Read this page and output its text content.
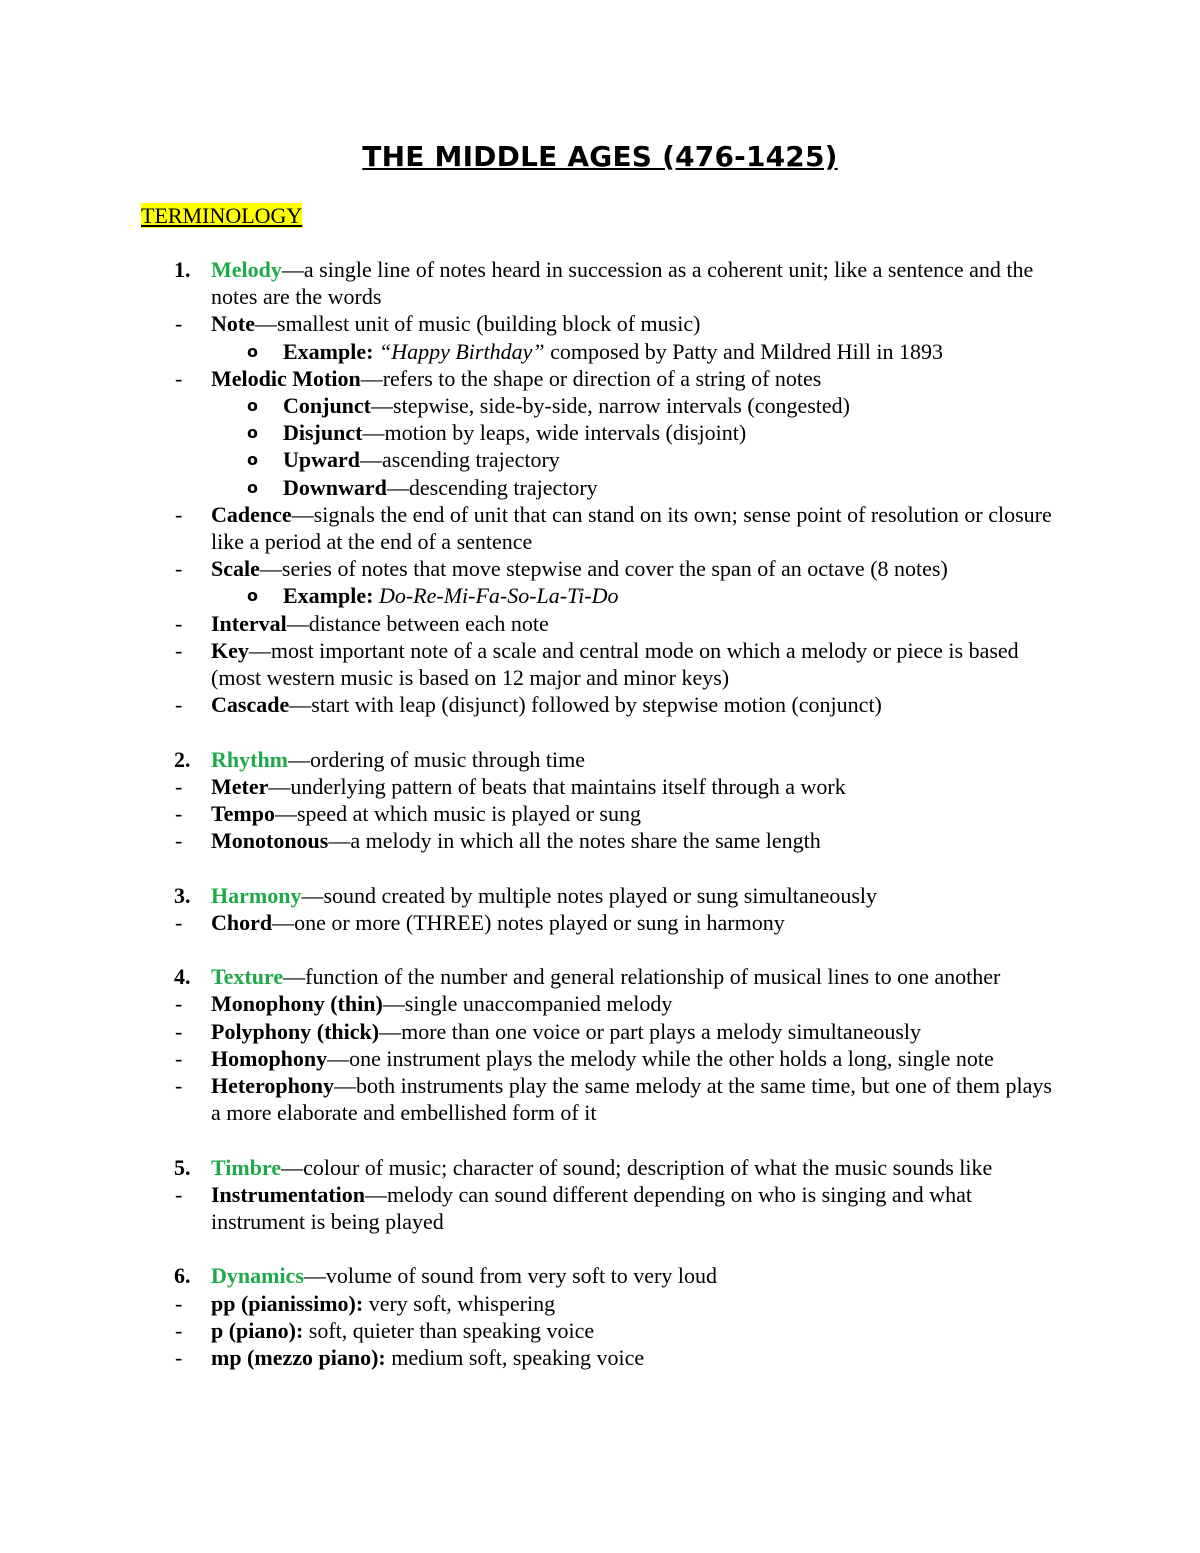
THE MIDDLE AGES (476-1425)
TERMINOLOGY
1. Melody—a single line of notes heard in succession as a coherent unit; like a sentence and the notes are the words
- Note—smallest unit of music (building block of music)
o Example: “Happy Birthday” composed by Patty and Mildred Hill in 1893
- Melodic Motion—refers to the shape or direction of a string of notes
o Conjunct—stepwise, side-by-side, narrow intervals (congested)
o Disjunct—motion by leaps, wide intervals (disjoint)
o Upward—ascending trajectory
o Downward—descending trajectory
- Cadence—signals the end of unit that can stand on its own; sense point of resolution or closure like a period at the end of a sentence
- Scale—series of notes that move stepwise and cover the span of an octave (8 notes)
o Example: Do-Re-Mi-Fa-So-La-Ti-Do
- Interval—distance between each note
- Key—most important note of a scale and central mode on which a melody or piece is based (most western music is based on 12 major and minor keys)
- Cascade—start with leap (disjunct) followed by stepwise motion (conjunct)
2. Rhythm—ordering of music through time
- Meter—underlying pattern of beats that maintains itself through a work
- Tempo—speed at which music is played or sung
- Monotonous—a melody in which all the notes share the same length
3. Harmony—sound created by multiple notes played or sung simultaneously
- Chord—one or more (THREE) notes played or sung in harmony
4. Texture—function of the number and general relationship of musical lines to one another
- Monophony (thin)—single unaccompanied melody
- Polyphony (thick)—more than one voice or part plays a melody simultaneously
- Homophony—one instrument plays the melody while the other holds a long, single note
- Heterophony—both instruments play the same melody at the same time, but one of them plays a more elaborate and embellished form of it
5. Timbre—colour of music; character of sound; description of what the music sounds like
- Instrumentation—melody can sound different depending on who is singing and what instrument is being played
6. Dynamics—volume of sound from very soft to very loud
- pp (pianissimo): very soft, whispering
- p (piano): soft, quieter than speaking voice
- mp (mezzo piano): medium soft, speaking voice
